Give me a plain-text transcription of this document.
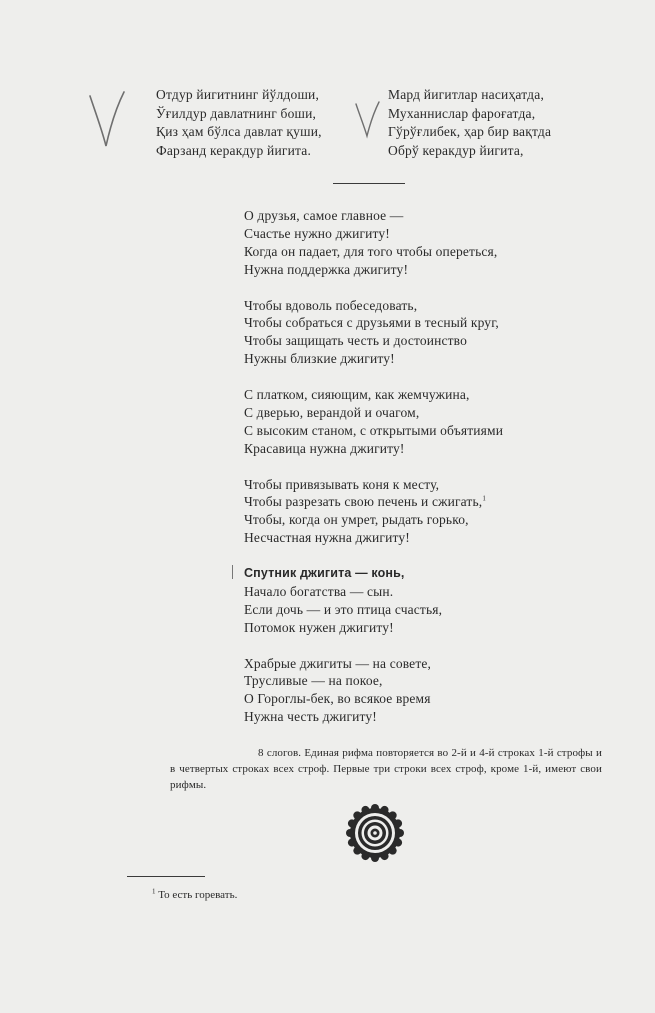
Отдур йигитнинг йўлдоши,
Ўғилдур давлатнинг боши,
Қиз ҳам бўлса давлат қуши,
Фарзанд керакдур йигита.
Мард йигитлар насиҳатда,
Муханнислар фароғатда,
Гўрўғлибек, ҳар бир вақтда
Обрў керакдур йигита,
О друзья, самое главное —
Счастье нужно джигиту!
Когда он падает, для того чтобы опереться,
Нужна поддержка джигиту!
Чтобы вдоволь побеседовать,
Чтобы собраться с друзьями в тесный круг,
Чтобы защищать честь и достоинство
Нужны близкие джигиту!
С платком, сияющим, как жемчужина,
С дверью, верандой и очагом,
С высоким станом, с открытыми объятиями
Красавица нужна джигиту!
Чтобы привязывать коня к месту,
Чтобы разрезать свою печень и сжигать,$^1$
Чтобы, когда он умрет, рыдать горько,
Несчастная нужна джигиту!
Спутник джигита — конь,
Начало богатства — сын.
Если дочь — и это птица счастья,
Потомок нужен джигиту!
Храбрые джигиты — на совете,
Трусливые — на покое,
О Гороглы-бек, во всякое время
Нужна честь джигиту!
8 слогов. Единая рифма повторяется во 2-й и 4-й строках 1-й строфы и в четвертых строках всех строф. Первые три строки всех строф, кроме 1-й, имеют свои рифмы.
$^1$ То есть горевать.
